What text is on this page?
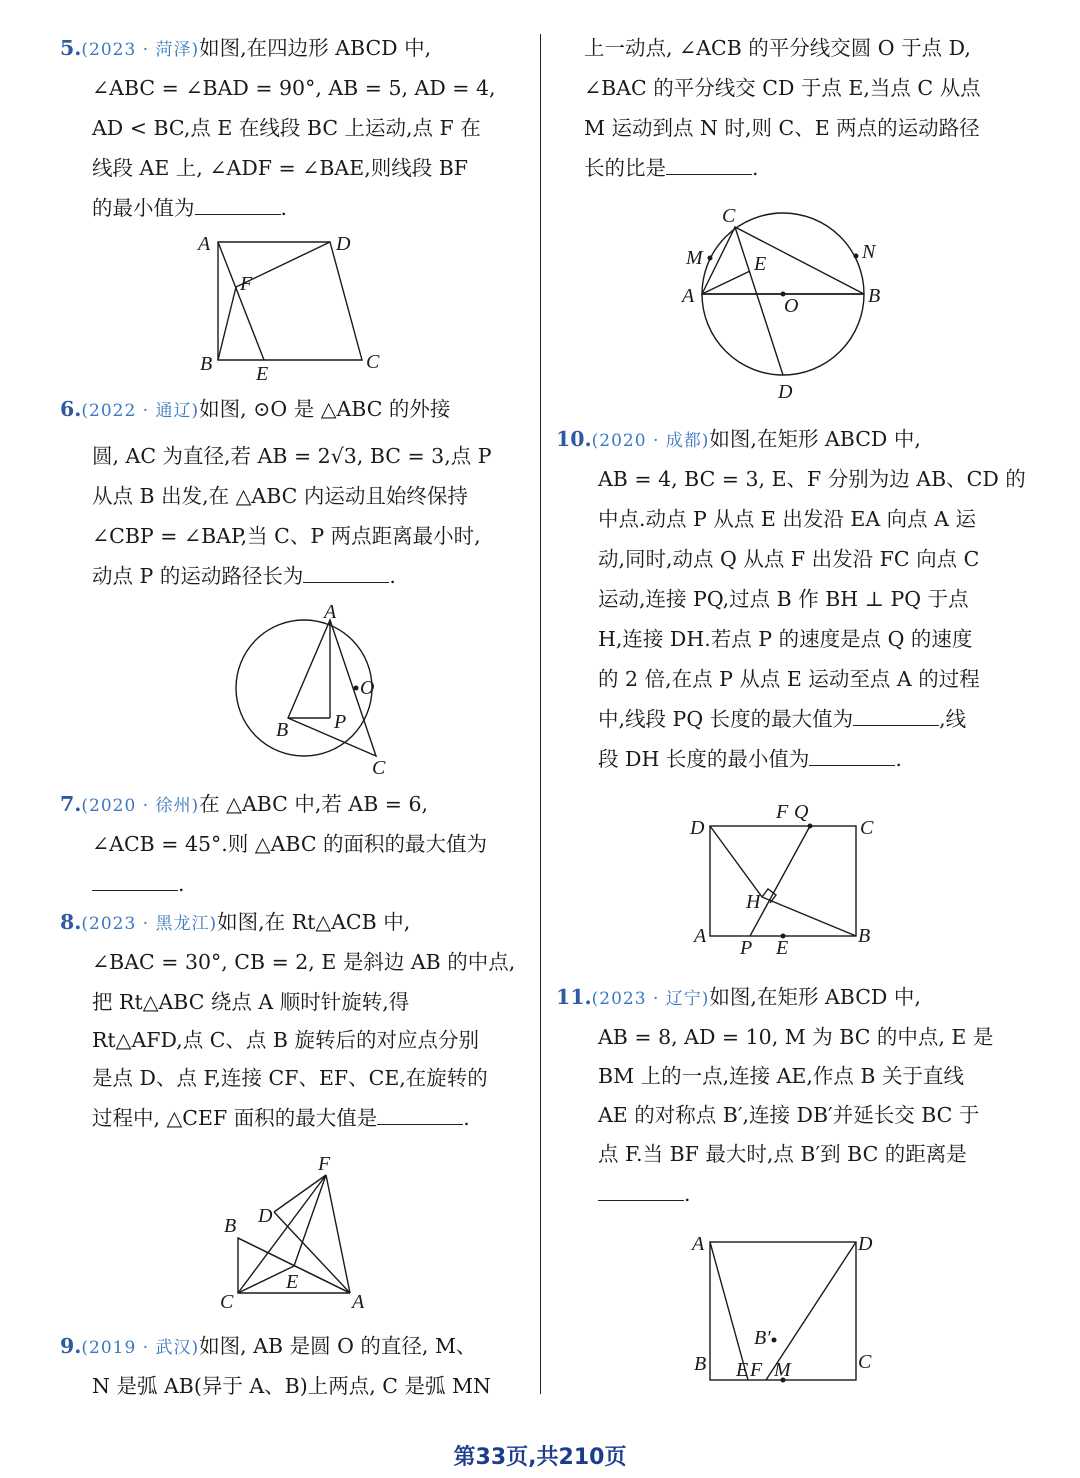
5.(2023 · 菏泽)如图,在四边形 ABCD 中,
∠ABC = ∠BAD = 90°, AB = 5, AD = 4,
AD < BC,点 E 在线段 BC 上运动,点 F 在
线段 AE 上, ∠ADF = ∠BAE,则线段 BF
的最小值为	.
A	D
F
B E
C
6.(2022 · 通辽)如图, ⊙O 是 △ABC 的外接
圆, AC 为直径,若 AB = 2√3, BC = 3,点 P
从点 B 出发,在 △ABC 内运动且始终保持
∠CBP = ∠BAP,当 C、P 两点距离最小时,
动点 P 的运动路径长为	.
A
O
B P
C
7.(2020 · 徐州)在 △ABC 中,若 AB = 6,
∠ACB = 45°.则 △ABC 的面积的最大值为
.
8.(2023 · 黑龙江)如图,在 Rt△ACB 中,
∠BAC = 30°, CB = 2, E 是斜边 AB 的中点,
把 Rt△ABC 绕点 A 顺时针旋转,得
Rt△AFD,点 C、点 B 旋转后的对应点分别
是点 D、点 F,连接 CF、EF、CE,在旋转的
过程中, △CEF 面积的最大值是	.
F
B D
E
C	A
9.(2019 · 武汉)如图, AB 是圆 O 的直径, M、
N 是弧 AB(异于 A、B)上两点, C 是弧 MN
上一动点, ∠ACB 的平分线交圆 O 于点 D,
∠BAC 的平分线交 CD 于点 E,当点 C 从点
M 运动到点 N 时,则 C、E 两点的运动路径
长的比是	.
C
M	N
E
A	O	B
D
10.(2020 · 成都)如图,在矩形 ABCD 中,
AB = 4, BC = 3, E、F 分别为边 AB、CD 的
中点.动点 P 从点 E 出发沿 EA 向点 A 运
动,同时,动点 Q 从点 F 出发沿 FC 向点 C
运动,连接 PQ,过点 B 作 BH ⊥ PQ 于点
H,连接 DH.若点 P 的速度是点 Q 的速度
的 2 倍,在点 P 从点 E 运动至点 A 的过程
中,线段 PQ 长度的最大值为	,线
段 DH 长度的最小值为	.
D
F Q
C
H
A
P E
B
11.(2023 · 辽宁)如图,在矩形 ABCD 中,
AB = 8, AD = 10, M 为 BC 的中点, E 是
BM 上的一点,连接 AE,作点 B 关于直线
AE 的对称点 B′,连接 DB′并延长交 BC 于
点 F.当 BF 最大时,点 B′到 BC 的距离是
.
A	D
B′
B E F M	C
第33页,共210页
